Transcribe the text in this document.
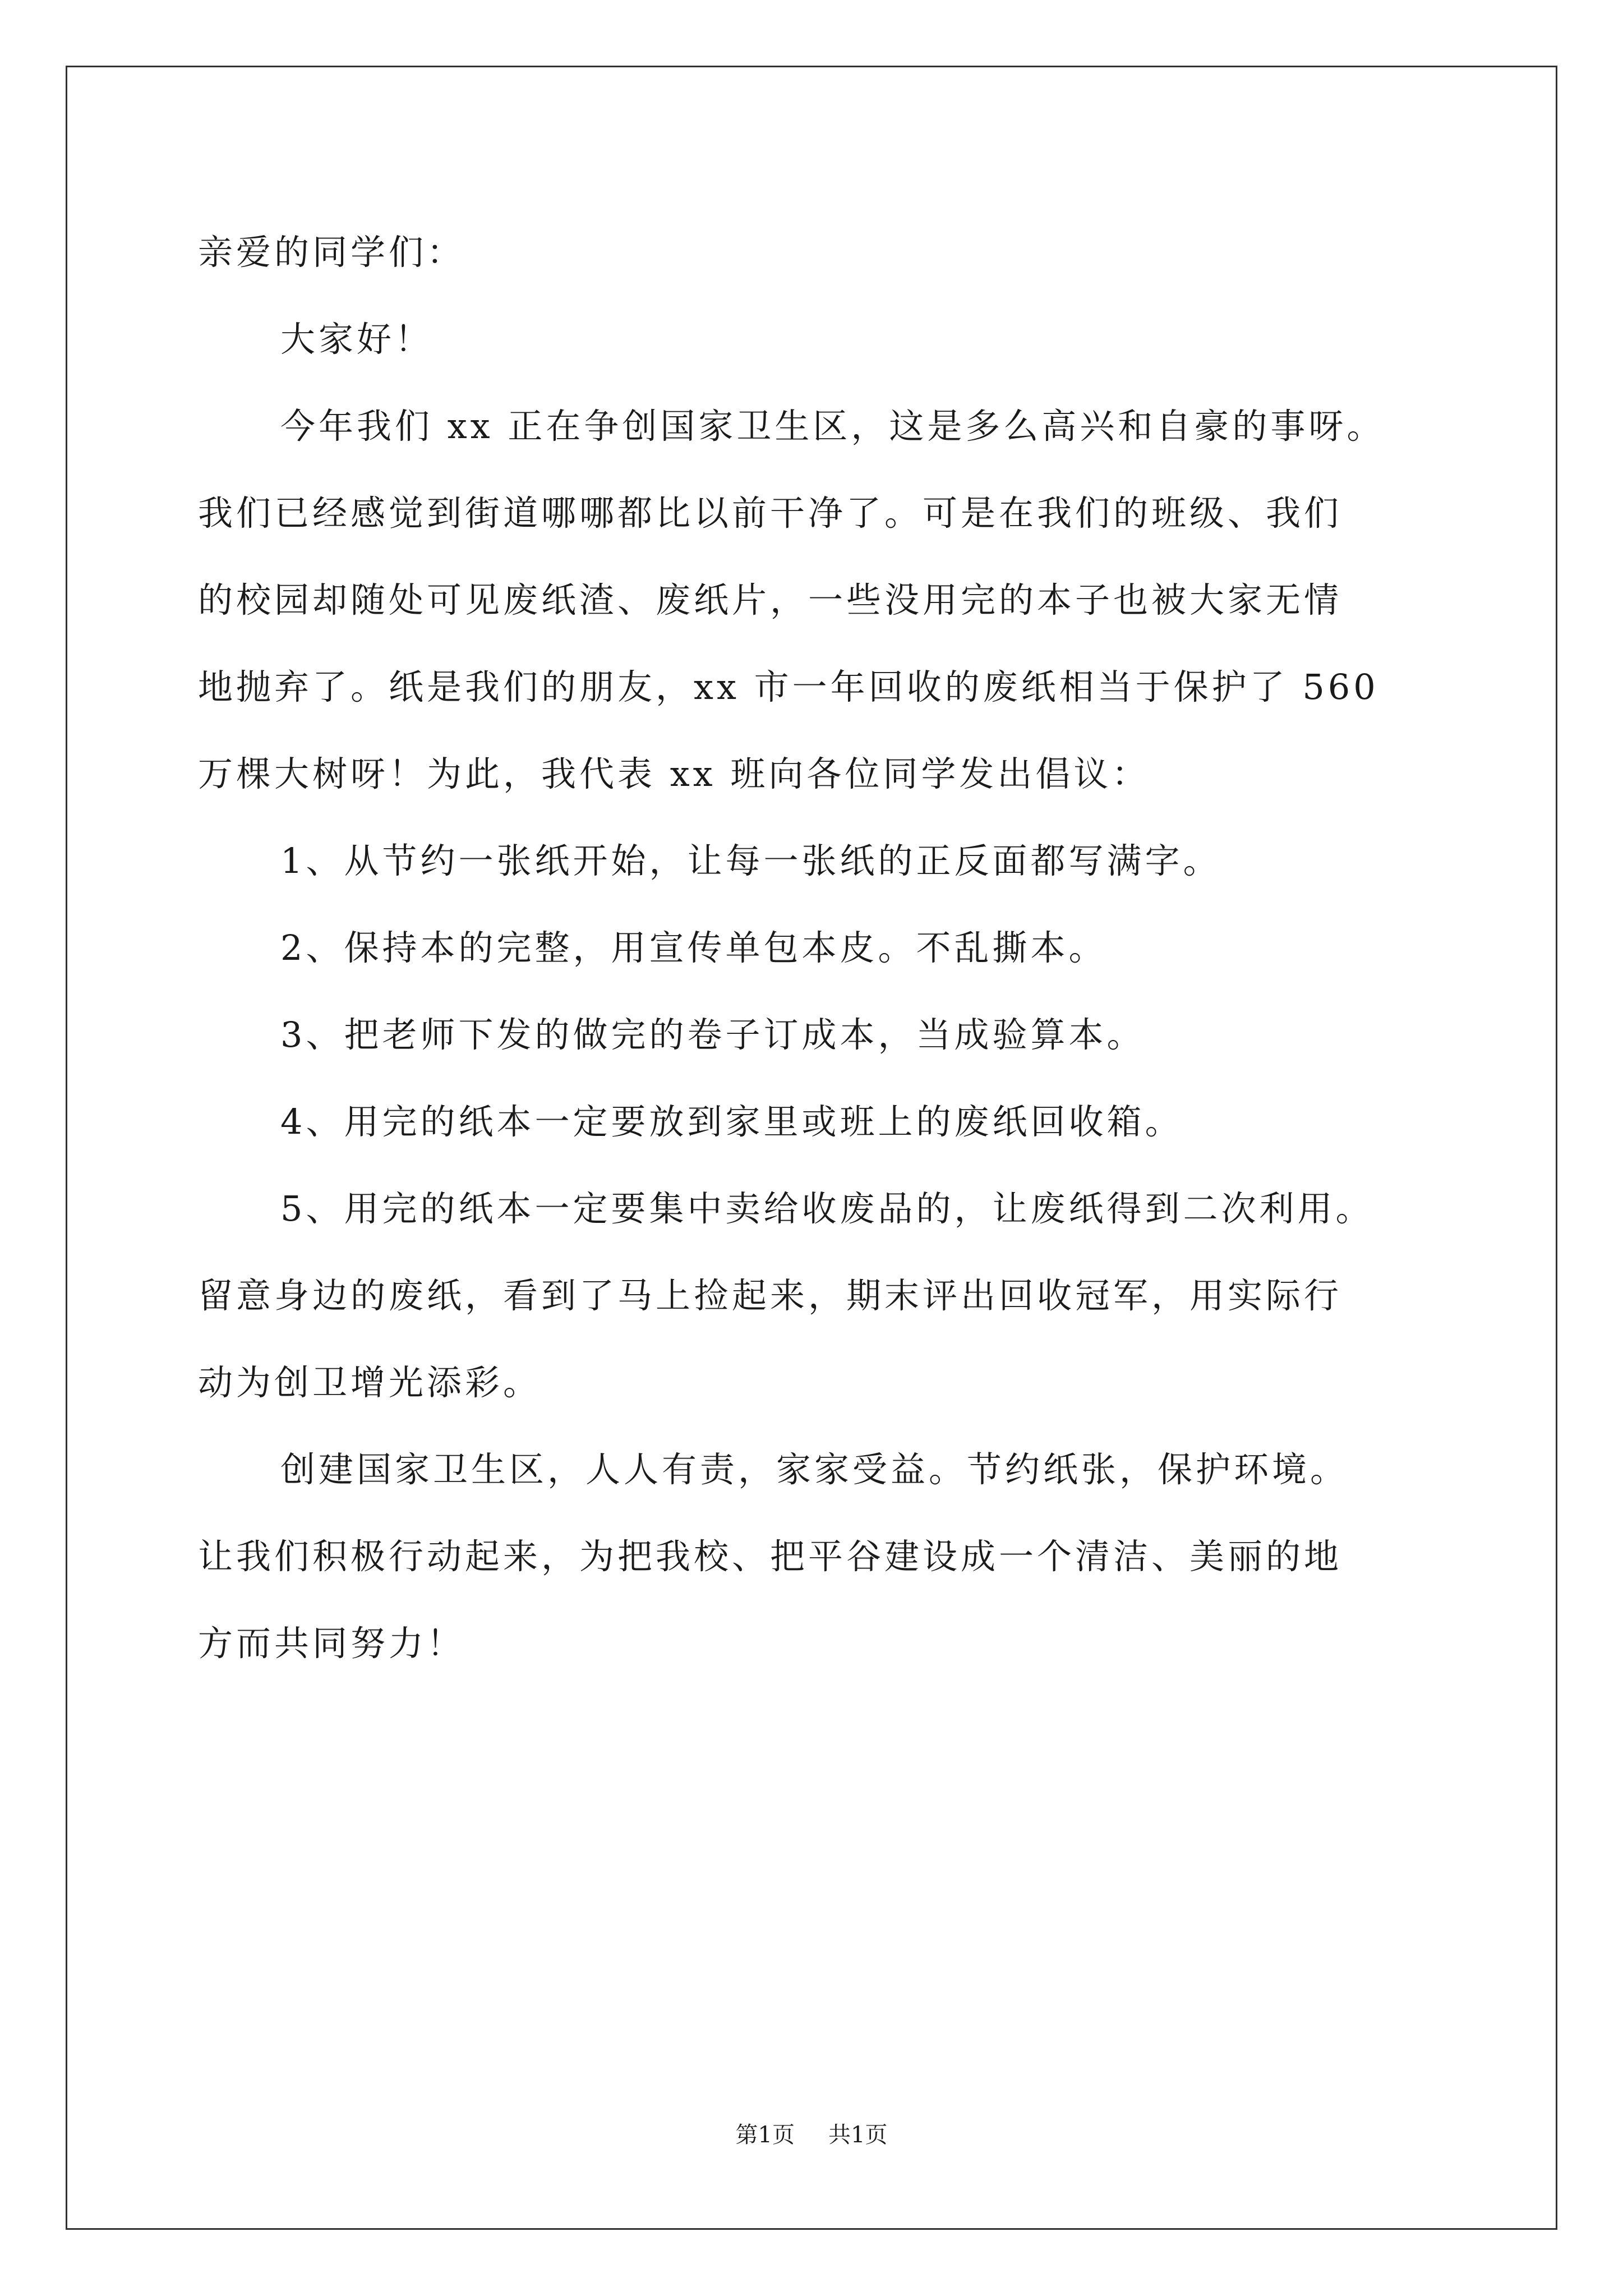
亲爱的同学们：
大家好！
今年我们 xx 正在争创国家卫生区，这是多么高兴和自豪的事呀。
我们已经感觉到街道哪哪都比以前干净了。可是在我们的班级、我们
的校园却随处可见废纸渣、废纸片，一些没用完的本子也被大家无情
地抛弃了。纸是我们的朋友，xx 市一年回收的废纸相当于保护了 560
万棵大树呀！为此，我代表 xx 班向各位同学发出倡议：
1、从节约一张纸开始，让每一张纸的正反面都写满字。
2、保持本的完整，用宣传单包本皮。不乱撕本。
3、把老师下发的做完的卷子订成本，当成验算本。
4、用完的纸本一定要放到家里或班上的废纸回收箱。
5、用完的纸本一定要集中卖给收废品的，让废纸得到二次利用。
留意身边的废纸，看到了马上捡起来，期末评出回收冠军，用实际行
动为创卫增光添彩。
创建国家卫生区，人人有责，家家受益。节约纸张，保护环境。
让我们积极行动起来，为把我校、把平谷建设成一个清洁、美丽的地
方而共同努力！
第1页 共1页
